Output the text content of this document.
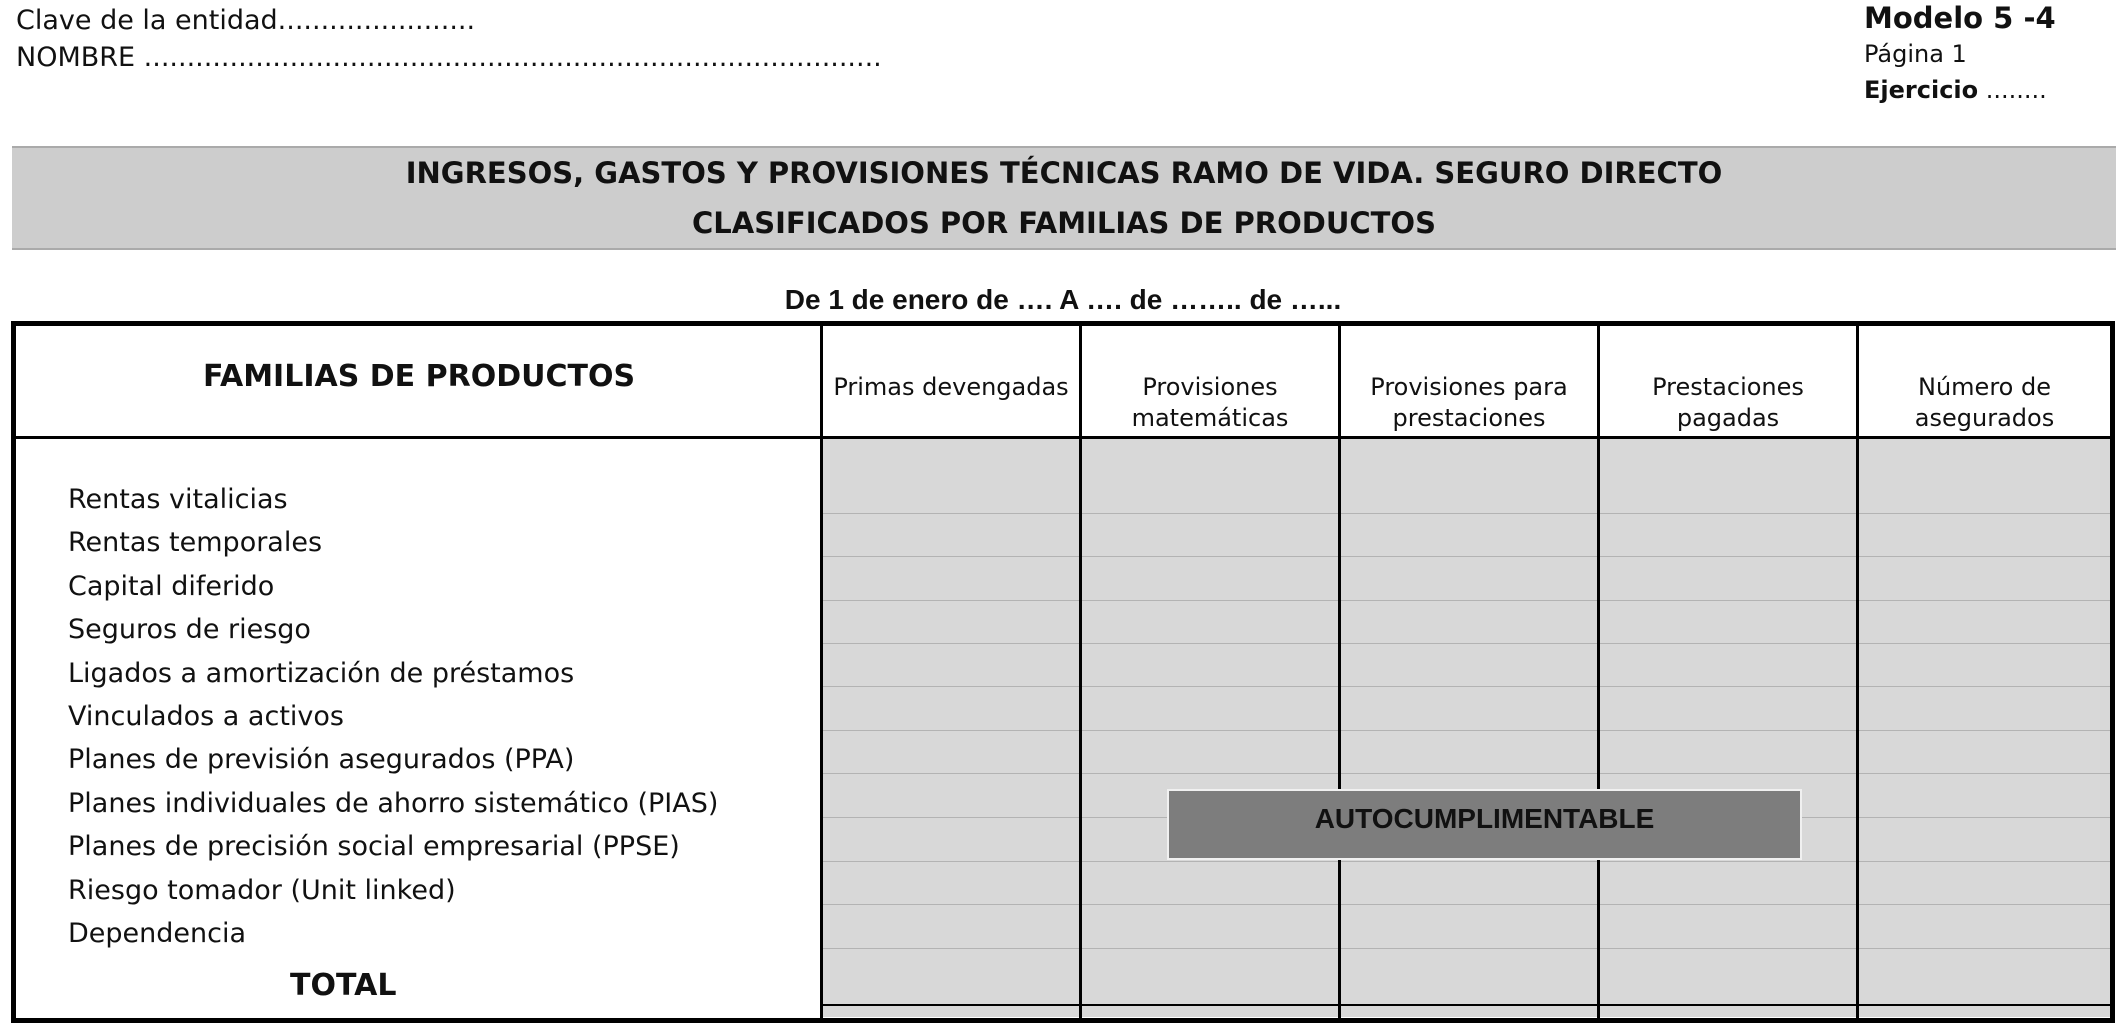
Clave de la entidad.......................
NOMBRE ......................................................................................
Modelo 5 -4
Página 1
Ejercicio ........
INGRESOS, GASTOS Y PROVISIONES TÉCNICAS RAMO DE VIDA. SEGURO DIRECTO
CLASIFICADOS POR FAMILIAS DE PRODUCTOS
De 1 de enero de …. A …. de …….. de …...
FAMILIAS DE PRODUCTOS	Primas devengadas	Provisiones
matemáticas
Provisiones para
prestaciones
Prestaciones
pagadas
Número de
asegurados
Rentas vitalicias
Rentas temporales
Capital diferido
Seguros de riesgo
Ligados a amortización de préstamos
Vinculados a activos
Planes de previsión asegurados (PPA)
Planes individuales de ahorro sistemático (PIAS)
Planes de precisión social empresarial (PPSE)
Riesgo tomador (Unit linked)
Dependencia
TOTAL
AUTOCUMPLIMENTABLE
